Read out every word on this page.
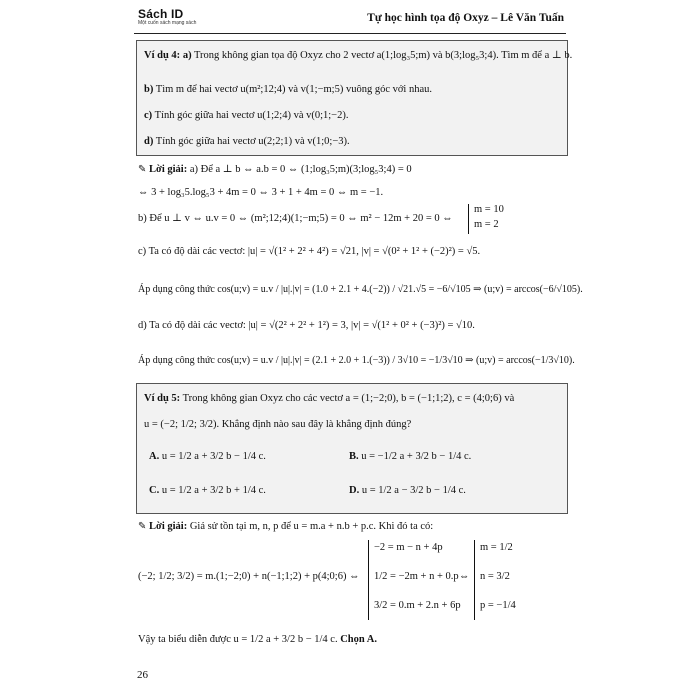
Sách ID
Một cuốn sách mạng sách	Tự học hình tọa độ Oxyz – Lê Văn Tuấn
Ví dụ 4: a) Trong không gian tọa độ Oxyz cho 2 vectơ a(1;log₃5;m) và b(3;log₅3;4). Tìm m để a ⊥ b.
b) Tìm m để hai vectơ u(m²;12;4) và v(1;−m;5) vuông góc với nhau.
c) Tính góc giữa hai vectơ u(1;2;4) và v(0;1;−2).
d) Tính góc giữa hai vectơ u(2;2;1) và v(1;0;−3).
✎ Lời giải: a) Để a ⊥ b ⇔ a.b = 0 ⇔ (1;log₃5;m)(3;log₅3;4) = 0
⇔ 3 + log₃5.log₅3 + 4m = 0 ⇔ 3 + 1 + 4m = 0 ⇔ m = −1.
b) Để u ⊥ v ⇔ u.v = 0 ⇔ (m²;12;4)(1;−m;5) = 0 ⇔ m² − 12m + 20 = 0 ⇔
m = 10
m = 2
c) Ta có độ dài các vectơ: |u| = √(1² + 2² + 4²) = √21, |v| = √(0² + 1² + (−2)²) = √5.
Áp dụng công thức cos(u;v) = u.v / |u|.|v| = (1.0 + 2.1 + 4.(−2)) / √21.√5 = −6/√105 ⇒ (u;v) = arccos(−6/√105).
d) Ta có độ dài các vectơ: |u| = √(2² + 2² + 1²) = 3, |v| = √(1² + 0² + (−3)²) = √10.
Áp dụng công thức cos(u;v) = u.v / |u|.|v| = (2.1 + 2.0 + 1.(−3)) / 3√10 = −1/3√10 ⇒ (u;v) = arccos(−1/3√10).
Ví dụ 5: Trong không gian Oxyz cho các vectơ a = (1;−2;0), b = (−1;1;2), c = (4;0;6) và
u = (−2; 1/2; 3/2). Khẳng định nào sau đây là khẳng định đúng?
A. u = 1/2 a + 3/2 b − 1/4 c.	B. u = −1/2 a + 3/2 b − 1/4 c.
C. u = 1/2 a + 3/2 b + 1/4 c.	D. u = 1/2 a − 3/2 b − 1/4 c.
✎ Lời giải: Giả sử tồn tại m, n, p để u = m.a + n.b + p.c. Khi đó ta có:
(−2; 1/2; 3/2) = m.(1;−2;0) + n(−1;1;2) + p(4;0;6) ⇔
−2 = m − n + 4p
1/2 = −2m + n + 0.p
3/2 = 0.m + 2.n + 6p
⇔
m = 1/2
n = 3/2
p = −1/4
Vậy ta biểu diễn được u = 1/2 a + 3/2 b − 1/4 c. Chọn A.
26
